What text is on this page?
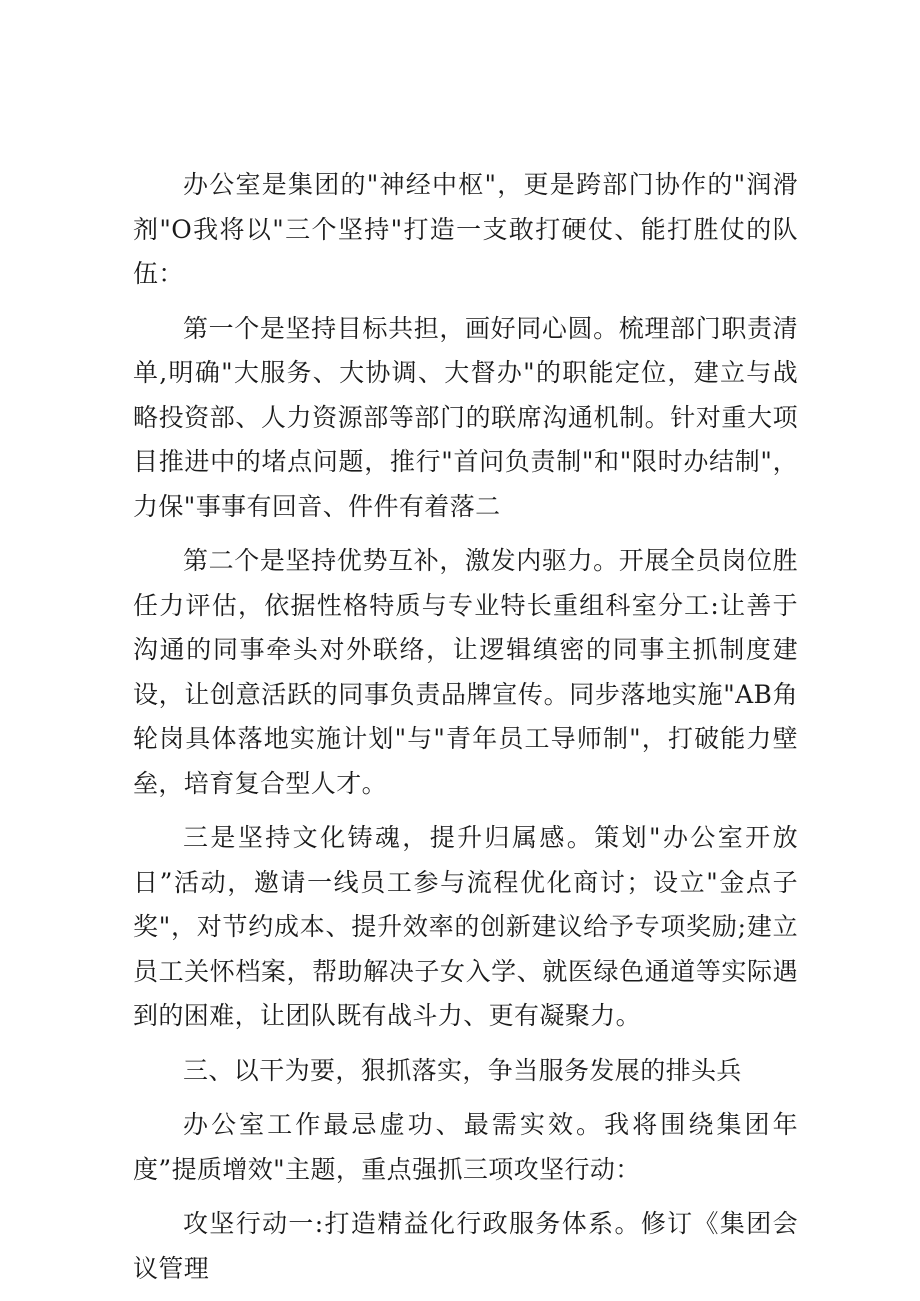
办公室是集团的"神经中枢"，更是跨部门协作的"润滑剂"O我将以"三个坚持"打造一支敢打硬仗、能打胜仗的队伍：

第一个是坚持目标共担，画好同心圆。梳理部门职责清单,明确"大服务、大协调、大督办"的职能定位，建立与战略投资部、人力资源部等部门的联席沟通机制。针对重大项目推进中的堵点问题，推行"首问负责制"和"限时办结制"，力保"事事有回音、件件有着落二

第二个是坚持优势互补，激发内驱力。开展全员岗位胜任力评估，依据性格特质与专业特长重组科室分工:让善于沟通的同事牵头对外联络，让逻辑缜密的同事主抓制度建设，让创意活跃的同事负责品牌宣传。同步落地实施"AB角轮岗具体落地实施计划"与"青年员工导师制"，打破能力壁垒，培育复合型人才。

三是坚持文化铸魂，提升归属感。策划"办公室开放日”活动，邀请一线员工参与流程优化商讨；设立"金点子奖"，对节约成本、提升效率的创新建议给予专项奖励;建立员工关怀档案，帮助解决子女入学、就医绿色通道等实际遇到的困难，让团队既有战斗力、更有凝聚力。

三、以干为要，狠抓落实，争当服务发展的排头兵

办公室工作最忌虚功、最需实效。我将围绕集团年度”提质增效"主题，重点强抓三项攻坚行动：

攻坚行动一:打造精益化行政服务体系。修订《集团会议管理
